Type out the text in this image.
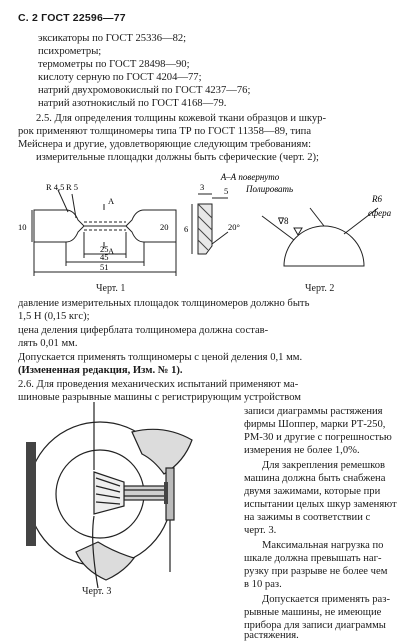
С. 2 ГОСТ 22596—77
эксикаторы по ГОСТ 25336—82;
психрометры;
термометры по ГОСТ 28498—90;
кислоту серную по ГОСТ 4204—77;
натрий двухромовокислый по ГОСТ 4237—76;
натрий азотнокислый по ГОСТ 4168—79.
2.5. Для определения толщины кожевой ткани образцов и шкур-
рок применяют толщиномеры типа ТР по ГОСТ 11358—89, типа
Мейснера и другие, удовлетворяющие следующим требованиям:
измерительные площадки должны быть сферические (черт. 2);
А–А повернуто
10
R 4,5 R 5
20
25
45
51
3 5
20°
A
A
6
Черт. 1
Полировать
R6
сфера
∇8
Черт. 2
давление измерительных площадок толщиномеров должно быть
1,5 Н (0,15 кгс);
цена деления циферблата толщиномера должна состав-
лять 0,01 мм.
Допускается применять толщиномеры с ценой деления 0,1 мм.
(Измененная редакция, Изм. № 1).
2.6. Для проведения механических испытаний применяют ма-
шиновые разрывные машины с регистрирующим устройством
записи диаграммы растяжения
фирмы Шоппер, марки РТ-250,
РМ-30 и другие с погрешностью
измерения не более 1,0%.
Для закрепления ремешков
машина должна быть снабжена
двумя зажимами, которые при
испытании целых шкур заменяют
на зажимы в соответствии с
черт. 3.
Максимальная нагрузка по
шкале должна превышать наг-
рузку при разрыве не более чем
в 10 раз.
Допускается применять раз-
рывные машины, не имеющие
прибора для записи диаграммы
растяжения.
Черт. 3
